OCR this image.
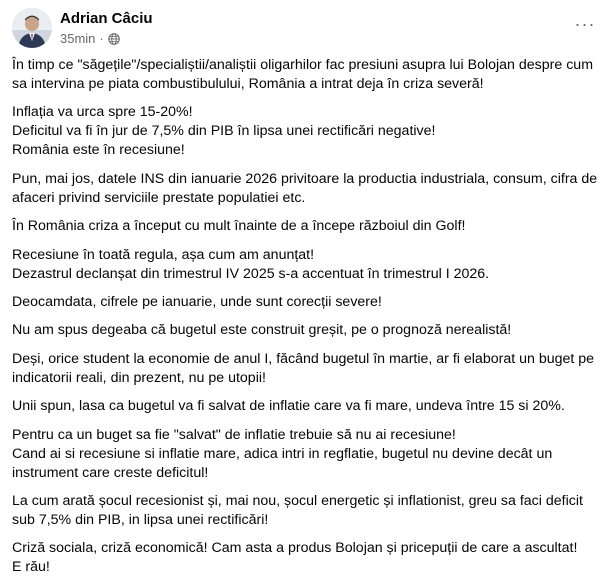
Adrian Câciu
35min ·
···

În timp ce "săgețile"/specialiștii/analiștii oligarhilor fac presiuni asupra lui Bolojan despre cum sa intervina pe piata combustibulului, România a intrat deja în criza severă!

Inflația va urca spre 15-20%!
Deficitul va fi în jur de 7,5% din PIB în lipsa unei rectificări negative!
România este în recesiune!

Pun, mai jos, datele INS din ianuarie 2026 privitoare la productia industriala, consum, cifra de afaceri privind serviciile prestate populatiei etc.

În România criza a început cu mult înainte de a începe războiul din Golf!

Recesiune în toată regula, așa cum am anunțat!
Dezastrul declanșat din trimestrul IV 2025 s-a accentuat în trimestrul I 2026.

Deocamdata, cifrele pe ianuarie, unde sunt corecții severe!

Nu am spus degeaba că bugetul este construit greșit, pe o prognoză nerealistă!

Deși, orice student la economie de anul I, făcând bugetul în martie, ar fi elaborat un buget pe indicatorii reali, din prezent, nu pe utopii!

Unii spun, lasa ca bugetul va fi salvat de inflatie care va fi mare, undeva între 15 si 20%.

Pentru ca un buget sa fie "salvat" de inflatie trebuie să nu ai recesiune!
Cand ai si recesiune si inflatie mare, adica intri in regflatie, bugetul nu devine decât un instrument care creste deficitul!

La cum arată șocul recesionist și, mai nou, șocul energetic și inflationist, greu sa faci deficit sub 7,5% din PIB, in lipsa unei rectificări!

Criză sociala, criză economică! Cam asta a produs Bolojan și pricepuții de care a ascultat!
E rău!
